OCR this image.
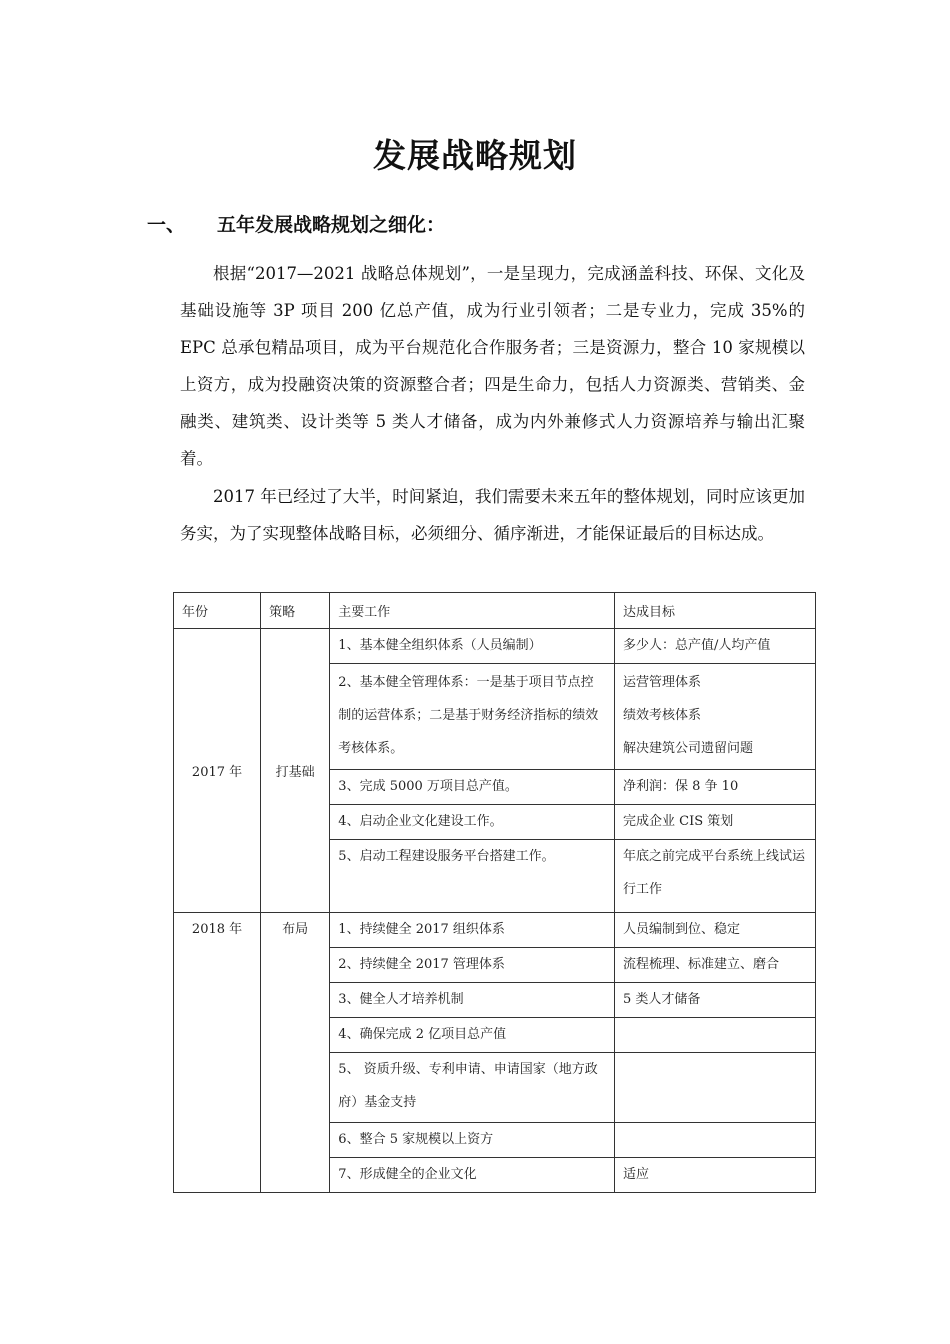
发展战略规划
一、 五年发展战略规划之细化：

根据“2017—2021 战略总体规划”，一是呈现力，完成涵盖科技、环保、文化及基础设施等 3P 项目 200 亿总产值，成为行业引领者；二是专业力，完成 35%的 EPC 总承包精品项目，成为平台规范化合作服务者；三是资源力，整合 10 家规模以上资方，成为投融资决策的资源整合者；四是生命力，包括人力资源类、营销类、金融类、建筑类、设计类等 5 类人才储备，成为内外兼修式人力资源培养与输出汇聚着。

2017 年已经过了大半，时间紧迫，我们需要未来五年的整体规划，同时应该更加务实，为了实现整体战略目标，必须细分、循序渐进，才能保证最后的目标达成。

年份	策略	主要工作	达成目标
2017 年	打基础	1、基本健全组织体系（人员编制）	多少人：总产值/人均产值

		2、基本健全管理体系：一是基于项目节点控制的运营体系；二是基于财务经济指标的绩效考核体系。	运营管理体系
绩效考核体系
解决建筑公司遗留问题

		3、完成 5000 万项目总产值。	净利润：保 8 争 10

		4、启动企业文化建设工作。	完成企业 CIS 策划

		5、启动工程建设服务平台搭建工作。	年底之前完成平台系统上线试运行工作

2018 年	布局	1、持续健全 2017 组织体系	人员编制到位、稳定

		2、持续健全 2017 管理体系	流程梳理、标准建立、磨合

		3、健全人才培养机制	5 类人才储备

		4、确保完成 2 亿项目总产值	

		5、 资质升级、专利申请、申请国家（地方政府）基金支持	

		6、整合 5 家规模以上资方	

		7、形成健全的企业文化	适应
